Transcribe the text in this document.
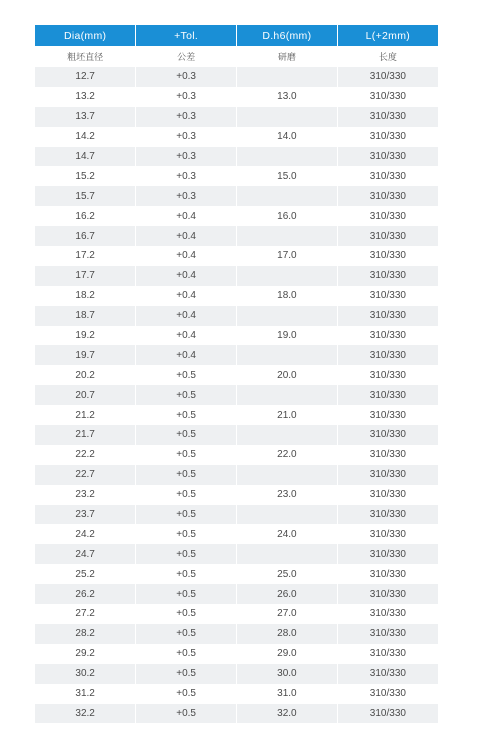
Dia(mm)	+Tol.	D.h6(mm)	L(+2mm)
粗坯直径	公差	研磨	长度
12.7	+0.3		310/330
13.2	+0.3	13.0	310/330
13.7	+0.3		310/330
14.2	+0.3	14.0	310/330
14.7	+0.3		310/330
15.2	+0.3	15.0	310/330
15.7	+0.3		310/330
16.2	+0.4	16.0	310/330
16.7	+0.4		310/330
17.2	+0.4	17.0	310/330
17.7	+0.4		310/330
18.2	+0.4	18.0	310/330
18.7	+0.4		310/330
19.2	+0.4	19.0	310/330
19.7	+0.4		310/330
20.2	+0.5	20.0	310/330
20.7	+0.5		310/330
21.2	+0.5	21.0	310/330
21.7	+0.5		310/330
22.2	+0.5	22.0	310/330
22.7	+0.5		310/330
23.2	+0.5	23.0	310/330
23.7	+0.5		310/330
24.2	+0.5	24.0	310/330
24.7	+0.5		310/330
25.2	+0.5	25.0	310/330
26.2	+0.5	26.0	310/330
27.2	+0.5	27.0	310/330
28.2	+0.5	28.0	310/330
29.2	+0.5	29.0	310/330
30.2	+0.5	30.0	310/330
31.2	+0.5	31.0	310/330
32.2	+0.5	32.0	310/330
